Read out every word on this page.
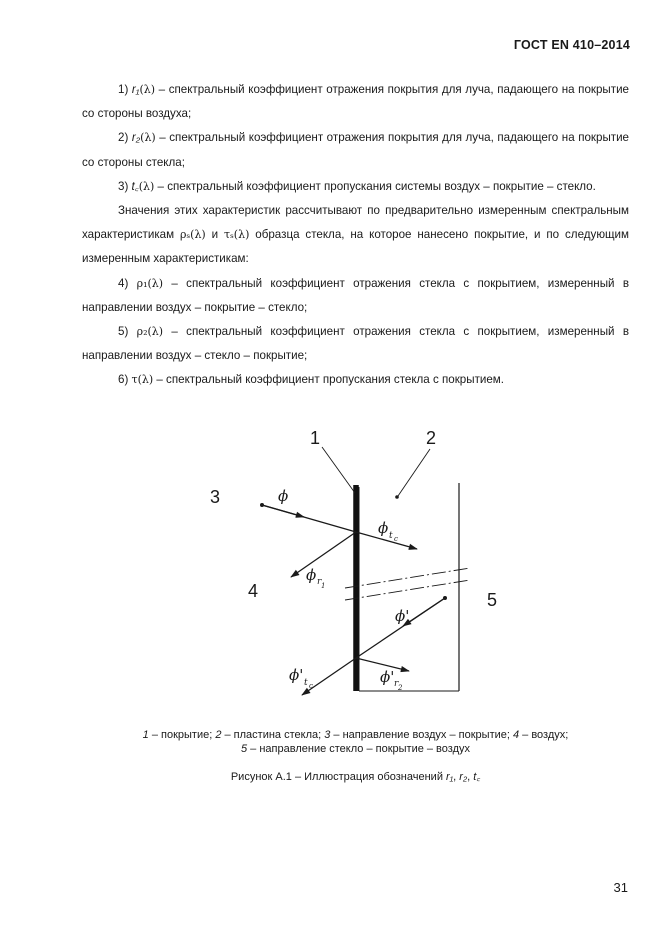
ГОСТ EN 410–2014

1) r₁(λ) – спектральный коэффициент отражения покрытия для луча, падающего на покрытие со стороны воздуха;

2) r₂(λ) – спектральный коэффициент отражения покрытия для луча, падающего на покрытие со стороны стекла;

3) t꜀(λ) – спектральный коэффициент пропускания системы воздух – покрытие – стекло.

Значения этих характеристик рассчитывают по предварительно измеренным спектральным характеристикам ρₛ(λ) и τₛ(λ) образца стекла, на которое нанесено покрытие, и по следующим измеренным характеристикам:

4) ρ₁(λ) – спектральный коэффициент отражения стекла с покрытием, измеренный в направлении воздух – покрытие – стекло;

5) ρ₂(λ) – спектральный коэффициент отражения стекла с покрытием, измеренный в направлении воздух – стекло – покрытие;

6) τ(λ) – спектральный коэффициент пропускания стекла с покрытием.

1	2
3
4	5
ϕ
ϕ t c
ϕ r 1
ϕ'
ϕ' t c	ϕ' r 2
1 – покрытие; 2 – пластина стекла; 3 – направление воздух – покрытие; 4 – воздух;
5 – направление стекло – покрытие – воздух
Рисунок А.1 – Иллюстрация обозначений r₁, r₂, t꜀
31
